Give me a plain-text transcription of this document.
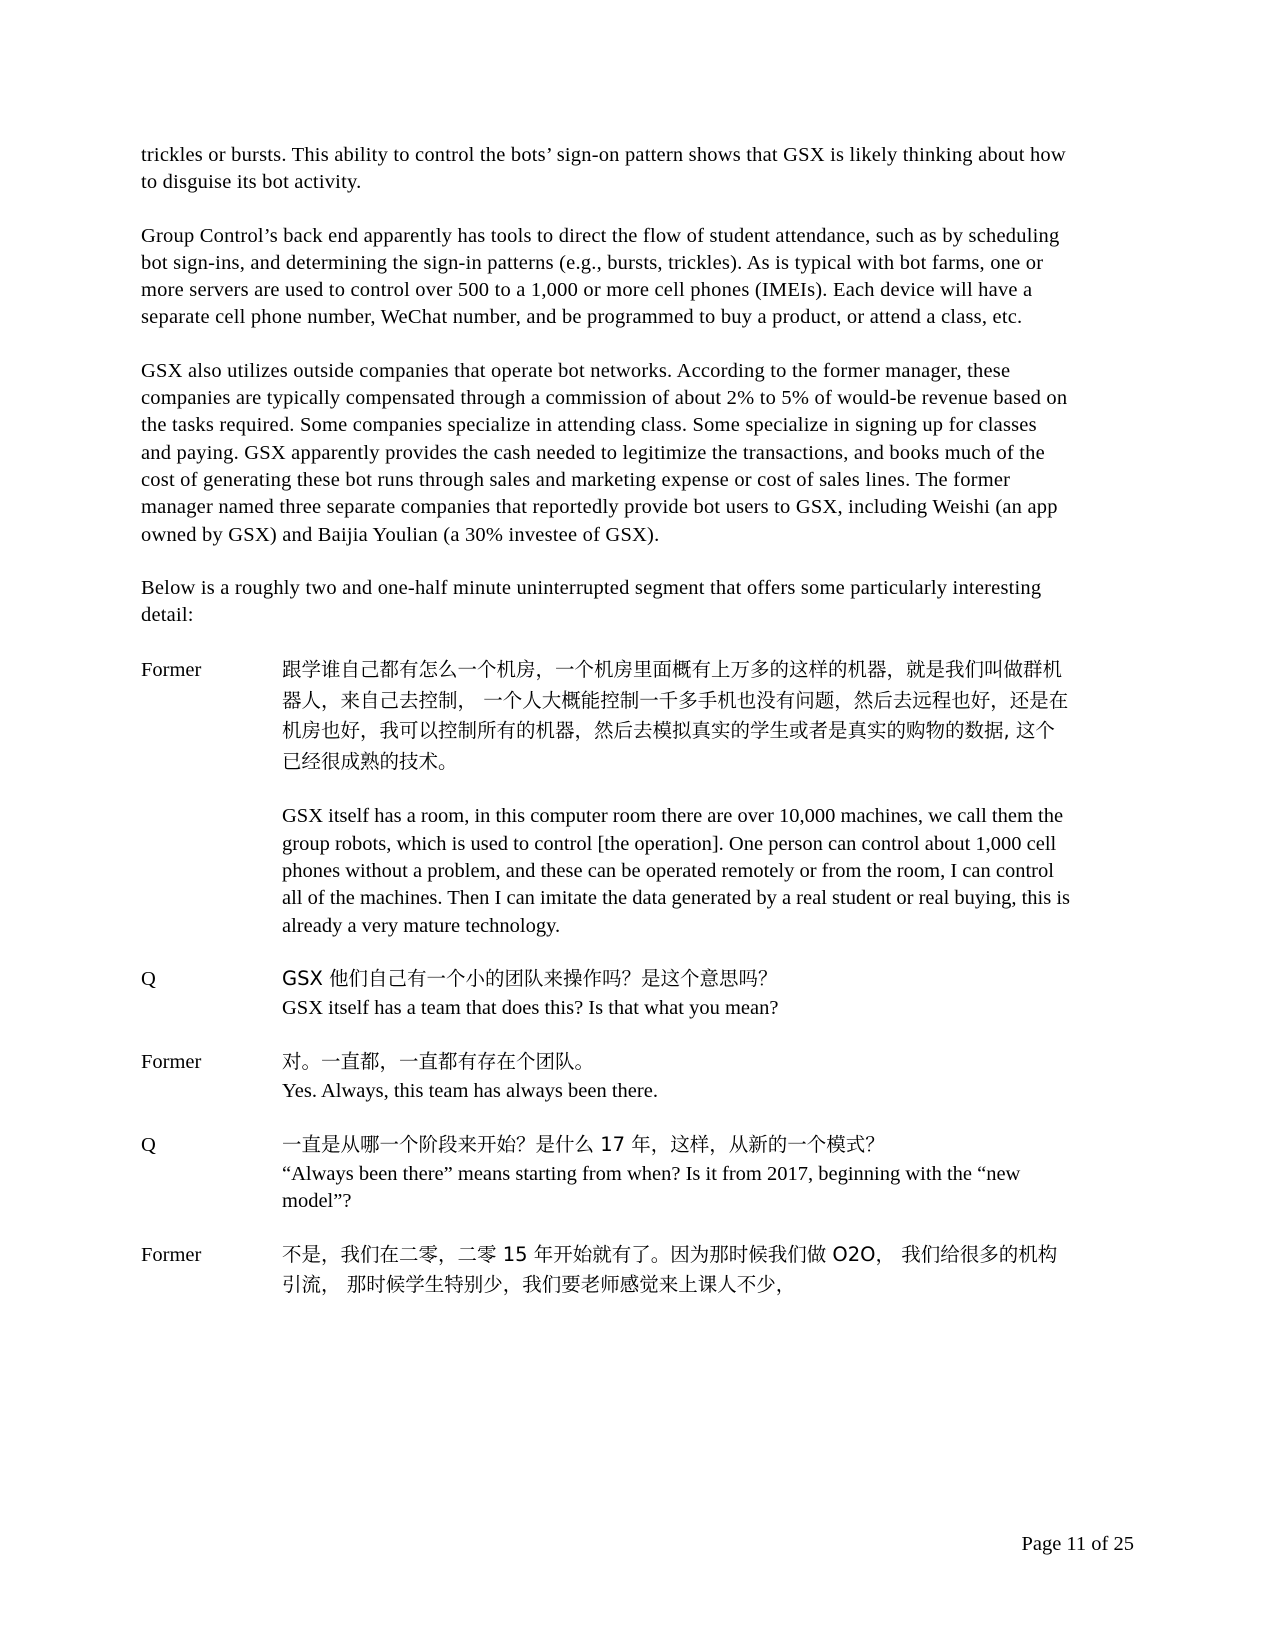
trickles or bursts. This ability to control the bots’ sign-on pattern shows that GSX is likely thinking about how to disguise its bot activity.

Group Control’s back end apparently has tools to direct the flow of student attendance, such as by scheduling bot sign-ins, and determining the sign-in patterns (e.g., bursts, trickles). As is typical with bot farms, one or more servers are used to control over 500 to a 1,000 or more cell phones (IMEIs). Each device will have a separate cell phone number, WeChat number, and be programmed to buy a product, or attend a class, etc.

GSX also utilizes outside companies that operate bot networks. According to the former manager, these companies are typically compensated through a commission of about 2% to 5% of would-be revenue based on the tasks required. Some companies specialize in attending class. Some specialize in signing up for classes and paying. GSX apparently provides the cash needed to legitimize the transactions, and books much of the cost of generating these bot runs through sales and marketing expense or cost of sales lines. The former manager named three separate companies that reportedly provide bot users to GSX, including Weishi (an app owned by GSX) and Baijia Youlian (a 30% investee of GSX).

Below is a roughly two and one-half minute uninterrupted segment that offers some particularly interesting detail:

Former	跟学谁自己都有怎么一个机房，一个机房里面概有上万多的这样的机器，就是我们叫做群机器人，来自己去控制， 一个人大概能控制一千多手机也没有问题，然后去远程也好，还是在机房也好，我可以控制所有的机器，然后去模拟真实的学生或者是真实的购物的数据, 这个已经很成熟的技术。

GSX itself has a room, in this computer room there are over 10,000 machines, we call them the group robots, which is used to control [the operation]. One person can control about 1,000 cell phones without a problem, and these can be operated remotely or from the room, I can control all of the machines. Then I can imitate the data generated by a real student or real buying, this is already a very mature technology.

Q	GSX 他们自己有一个小的团队来操作吗？是这个意思吗？

GSX itself has a team that does this? Is that what you mean?

Former	对。一直都，一直都有存在个团队。

Yes. Always, this team has always been there.

Q	一直是从哪一个阶段来开始？是什么 17 年，这样，从新的一个模式？

“Always been there” means starting from when? Is it from 2017, beginning with the “new model”?

Former	不是，我们在二零，二零 15 年开始就有了。因为那时候我们做 O2O， 我们给很多的机构引流， 那时候学生特别少，我们要老师感觉来上课人不少，

Page 11 of 25
